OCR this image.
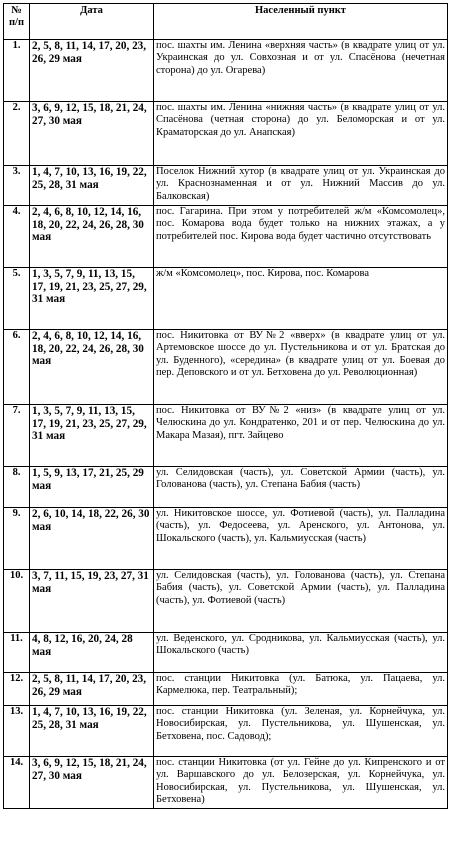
№ п/п	Дата	Населенный пункт
1.	2, 5, 8, 11, 14, 17, 20, 23, 26, 29 мая	пос. шахты им. Ленина «верхняя часть» (в квадрате улиц от ул. Украинская до ул. Совхозная и от ул. Спасёнова (нечетная сторона) до ул. Огарева)
2.	3, 6, 9, 12, 15, 18, 21, 24, 27, 30 мая	пос. шахты им. Ленина «нижняя часть» (в квадрате улиц от ул. Спасёнова (четная сторона) до ул. Беломорская и от ул. Краматорская до ул. Анапская)
3.	1, 4, 7, 10, 13, 16, 19, 22, 25, 28, 31 мая	Поселок Нижний хутор (в квадрате улиц от ул. Украинская до ул. Краснознаменная и от ул. Нижний Массив до ул. Балковская)
4.	2, 4, 6, 8, 10, 12, 14, 16, 18, 20, 22, 24, 26, 28, 30 мая	пос. Гагарина. При этом у потребителей ж/м «Комсомолец», пос. Комарова вода будет только на нижних этажах, а у потребителей пос. Кирова вода будет частично отсутствовать
5.	1, 3, 5, 7, 9, 11, 13, 15, 17, 19, 21, 23, 25, 27, 29, 31 мая	ж/м «Комсомолец», пос. Кирова, пос. Комарова
6.	2, 4, 6, 8, 10, 12, 14, 16, 18, 20, 22, 24, 26, 28, 30 мая	пос. Никитовка от ВУ№2 «вверх» (в квадрате улиц от ул. Артемовское шоссе до ул. Пустельникова и от ул. Братская до ул. Буденного), «середина» (в квадрате улиц от ул. Боевая до пер. Деповского и от ул. Бетховена до ул. Революционная)
7.	1, 3, 5, 7, 9, 11, 13, 15, 17, 19, 21, 23, 25, 27, 29, 31 мая	пос. Никитовка от ВУ№2 «низ» (в квадрате улиц от ул. Челюскина до ул. Кондратенко, 201 и от пер. Челюскина до ул. Макара Мазая), пгт. Зайцево
8.	1, 5, 9, 13, 17, 21, 25, 29 мая	ул. Селидовская (часть), ул. Советской Армии (часть), ул. Голованова (часть), ул. Степана Бабия (часть)
9.	2, 6, 10, 14, 18, 22, 26, 30 мая	ул. Никитовское шоссе, ул. Фотиевой (часть), ул. Палладина (часть), ул. Федосеева, ул. Аренского, ул. Антонова, ул. Шокальского (часть), ул. Кальмиусская (часть)
10.	3, 7, 11, 15, 19, 23, 27, 31 мая	ул. Селидовская (часть), ул. Голованова (часть), ул. Степана Бабия (часть), ул. Советской Армии (часть), ул. Палладина (часть), ул. Фотиевой (часть)
11.	4, 8, 12, 16, 20, 24, 28 мая	ул. Веденского, ул. Сродникова, ул. Кальмиусская (часть), ул. Шокальского (часть)
12.	2, 5, 8, 11, 14, 17, 20, 23, 26, 29 мая	пос. станции Никитовка (ул. Батюка, ул. Пацаева, ул. Кармелюка, пер. Театральный);
13.	1, 4, 7, 10, 13, 16, 19, 22, 25, 28, 31 мая	пос. станции Никитовка (ул. Зеленая, ул. Корнейчука, ул. Новосибирская, ул. Пустельникова, ул. Шушенская, ул. Бетховена, пос. Садовод);
14.	3, 6, 9, 12, 15, 18, 21, 24, 27, 30 мая	пос. станции Никитовка (от ул. Гейне до ул. Кипренского и от ул. Варшавского до ул. Белозерская, ул. Корнейчука, ул. Новосибирская, ул. Пустельникова, ул. Шушенская, ул. Бетховена)
